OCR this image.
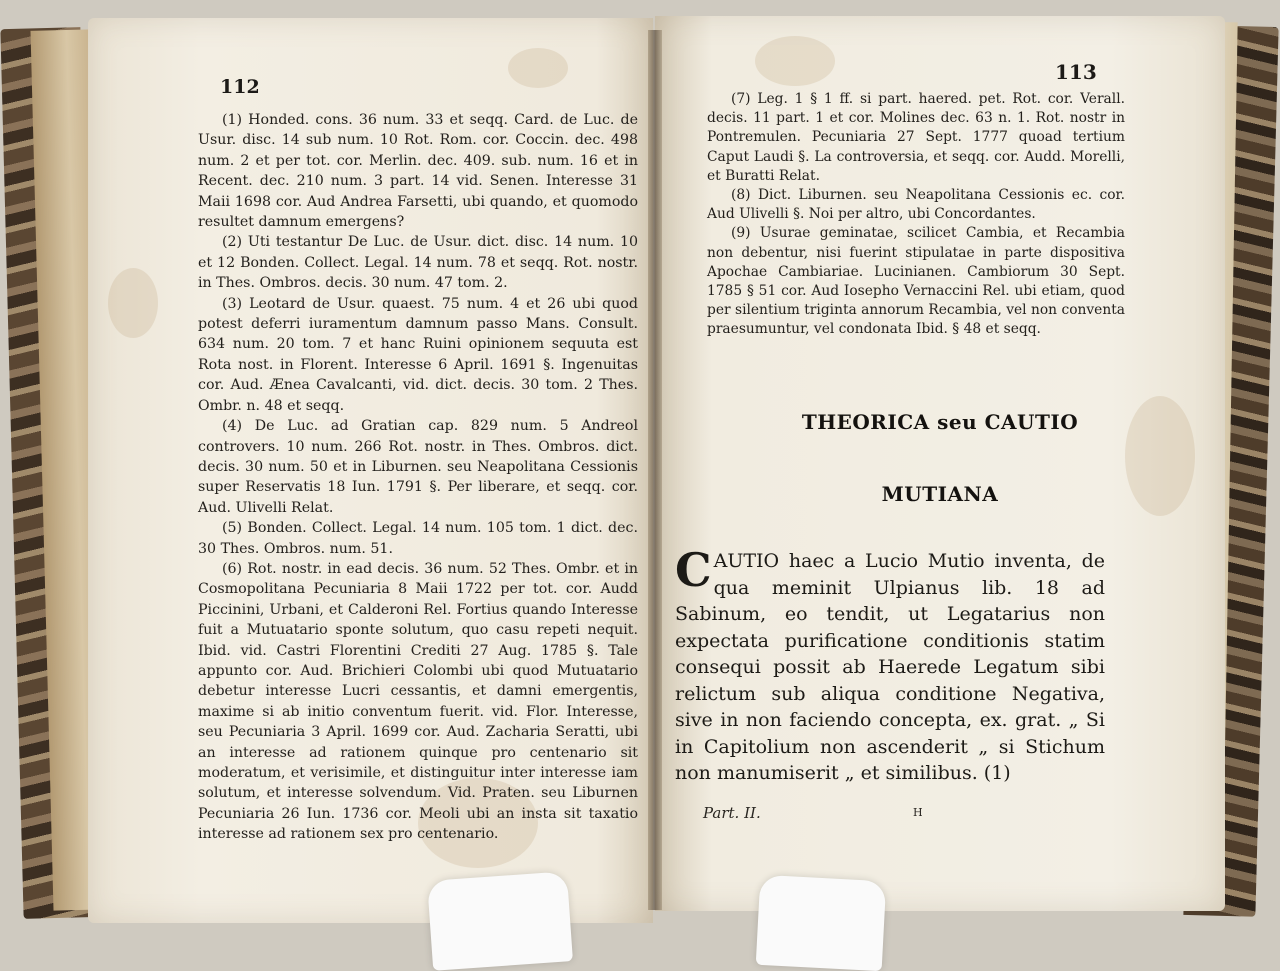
112

(1) Honded. cons. 36 num. 33 et seqq. Card. de Luc. de Usur. disc. 14 sub num. 10 Rot. Rom. cor. Coccin. dec. 498 num. 2 et per tot. cor. Merlin. dec. 409. sub. num. 16 et in Recent. dec. 210 num. 3 part. 14 vid. Senen. Interesse 31 Maii 1698 cor. Aud Andrea Farsetti, ubi quando, et quomodo resultet damnum emergens?

(2) Uti testantur De Luc. de Usur. dict. disc. 14 num. 10 et 12 Bonden. Collect. Legal. 14 num. 78 et seqq. Rot. nostr. in Thes. Ombros. decis. 30 num. 47 tom. 2.

(3) Leotard de Usur. quaest. 75 num. 4 et 26 ubi quod potest deferri iuramentum damnum passo Mans. Consult. 634 num. 20 tom. 7 et hanc Ruini opinionem sequuta est Rota nost. in Florent. Interesse 6 April. 1691 §. Ingenuitas cor. Aud. Ænea Cavalcanti, vid. dict. decis. 30 tom. 2 Thes. Ombr. n. 48 et seqq.

(4) De Luc. ad Gratian cap. 829 num. 5 Andreol controvers. 10 num. 266 Rot. nostr. in Thes. Ombros. dict. decis. 30 num. 50 et in Liburnen. seu Neapolitana Cessionis super Reservatis 18 Iun. 1791 §. Per liberare, et seqq. cor. Aud. Ulivelli Relat.

(5) Bonden. Collect. Legal. 14 num. 105 tom. 1 dict. dec. 30 Thes. Ombros. num. 51.

(6) Rot. nostr. in ead decis. 36 num. 52 Thes. Ombr. et in Cosmopolitana Pecuniaria 8 Maii 1722 per tot. cor. Audd Piccinini, Urbani, et Calderoni Rel. Fortius quando Interesse fuit a Mutuatario sponte solutum, quo casu repeti nequit. Ibid. vid. Castri Florentini Crediti 27 Aug. 1785 §. Tale appunto cor. Aud. Brichieri Colombi ubi quod Mutuatario debetur interesse Lucri cessantis, et damni emergentis, maxime si ab initio conventum fuerit. vid. Flor. Interesse, seu Pecuniaria 3 April. 1699 cor. Aud. Zacharia Seratti, ubi an interesse ad rationem quinque pro centenario sit moderatum, et verisimile, et distinguitur inter interesse iam solutum, et interesse solvendum. Vid. Praten. seu Liburnen Pecuniaria 26 Iun. 1736 cor. Meoli ubi an insta sit taxatio interesse ad rationem sex pro centenario.

113

(7) Leg. 1 § 1 ff. si part. haered. pet. Rot. cor. Verall. decis. 11 part. 1 et cor. Molines dec. 63 n. 1. Rot. nostr in Pontremulen. Pecuniaria 27 Sept. 1777 quoad tertium Caput Laudi §. La controversia, et seqq. cor. Audd. Morelli, et Buratti Relat.

(8) Dict. Liburnen. seu Neapolitana Cessionis ec. cor. Aud Ulivelli §. Noi per altro, ubi Concordantes.

(9) Usurae geminatae, scilicet Cambia, et Recambia non debentur, nisi fuerint stipulatae in parte dispositiva Apochae Cambiariae. Lucinianen. Cambiorum 30 Sept. 1785 § 51 cor. Aud Iosepho Vernaccini Rel. ubi etiam, quod per silentium triginta annorum Recambia, vel non conventa praesumuntur, vel condonata Ibid. § 48 et seqq.

THEORICA seu CAUTIO
MUTIANA

CAUTIO haec a Lucio Mutio inventa, de qua meminit Ulpianus lib. 18 ad Sabinum, eo tendit, ut Legatarius non expectata purificatione conditionis statim consequi possit ab Haerede Legatum sibi relictum sub aliqua conditione Negativa, sive in non faciendo concepta, ex. grat. „ Si in Capitolium non ascenderit „ si Stichum non manumiserit „ et similibus. (1)

Part. II.	H
